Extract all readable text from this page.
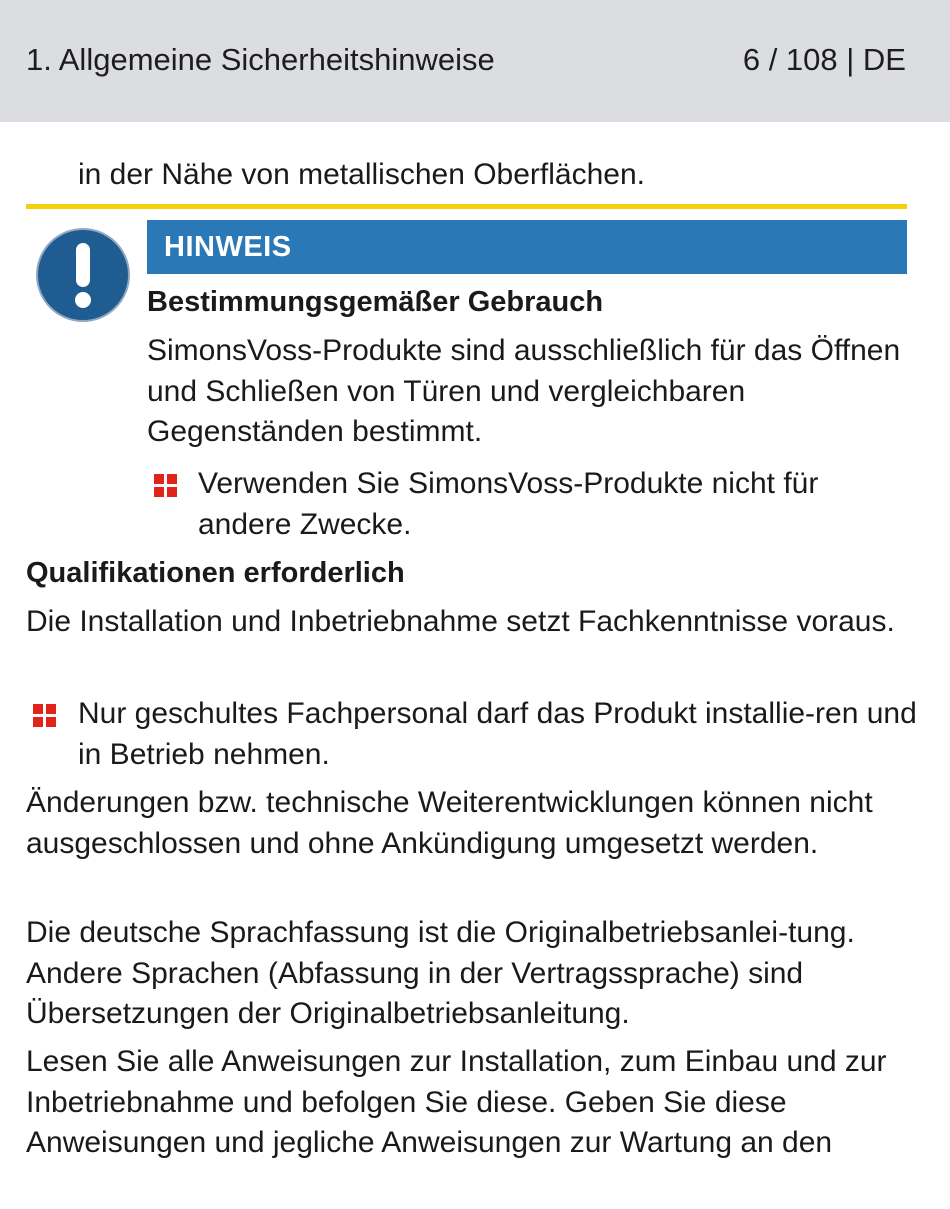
1. Allgemeine Sicherheitshinweise	6 / 108 | DE
in der Nähe von metallischen Oberflächen.
HINWEIS
Bestimmungsgemäßer Gebrauch
SimonsVoss-Produkte sind ausschließlich für das Öffnen und Schließen von Türen und vergleichbaren Gegenständen bestimmt.
Verwenden Sie SimonsVoss-Produkte nicht für andere Zwecke.
Qualifikationen erforderlich
Die Installation und Inbetriebnahme setzt Fachkenntnisse voraus.
Nur geschultes Fachpersonal darf das Produkt installie-ren und in Betrieb nehmen.
Änderungen bzw. technische Weiterentwicklungen können nicht ausgeschlossen und ohne Ankündigung umgesetzt werden.
Die deutsche Sprachfassung ist die Originalbetriebsanlei-tung. Andere Sprachen (Abfassung in der Vertragssprache) sind Übersetzungen der Originalbetriebsanleitung.
Lesen Sie alle Anweisungen zur Installation, zum Einbau und zur Inbetriebnahme und befolgen Sie diese. Geben Sie diese Anweisungen und jegliche Anweisungen zur Wartung an den
